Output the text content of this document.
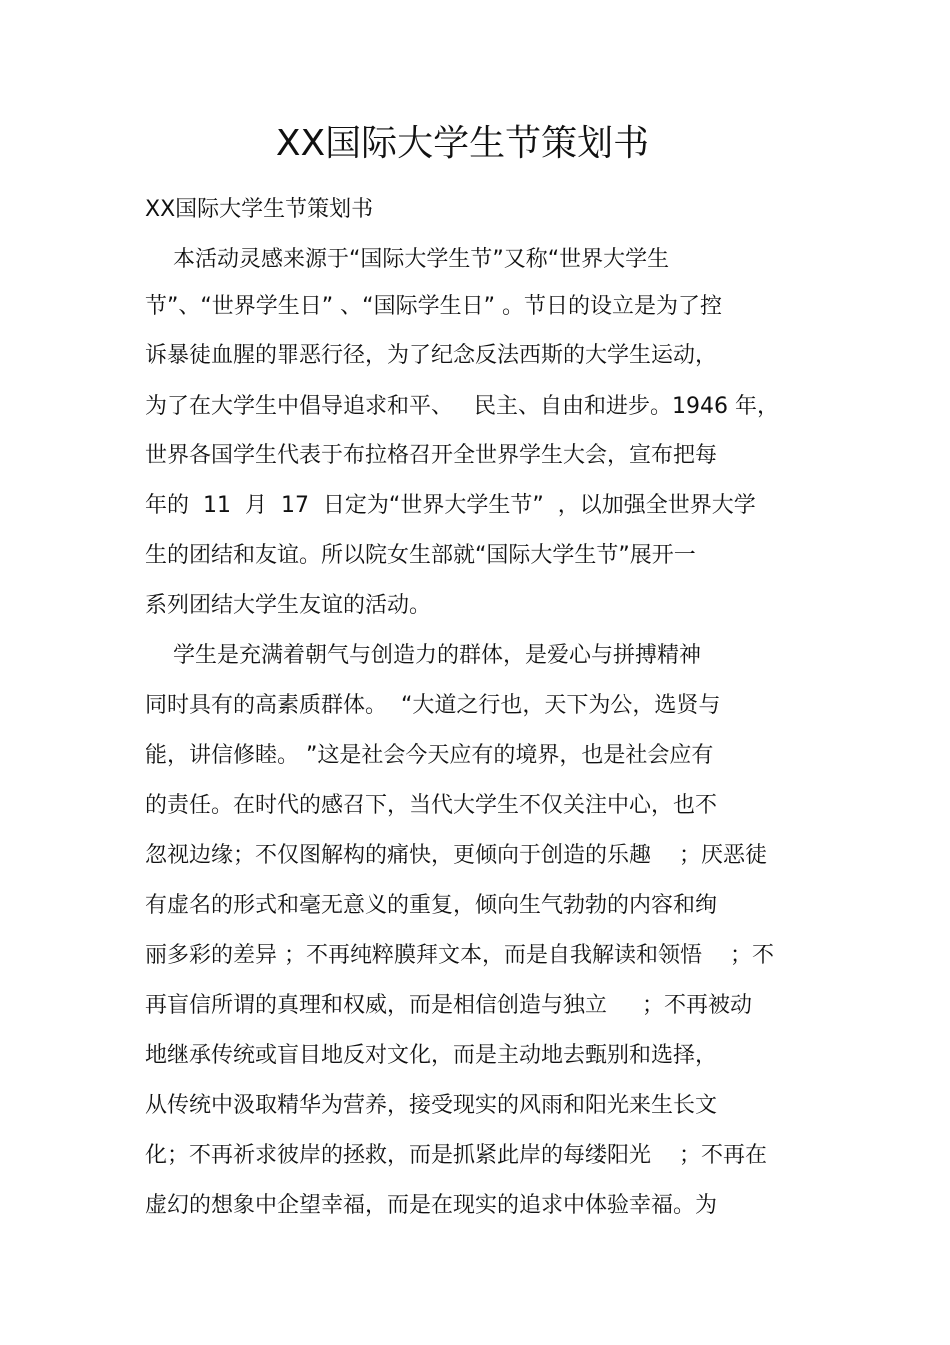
XX国际大学生节策划书

XX国际大学生节策划书

本活动灵感来源于“国际大学生节”又称“世界大学生

节”、“世界学生日” 、“国际学生日” 。节日的设立是为了控

诉暴徒血腥的罪恶行径，为了纪念反法西斯的大学生运动，

为了在大学生中倡导追求和平、   民主、自由和进步。1946 年，

世界各国学生代表于布拉格召开全世界学生大会，宣布把每

年的  11  月  17  日定为“世界大学生节”  ，以加强全世界大学

生的团结和友谊。所以院女生部就“国际大学生节”展开一

系列团结大学生友谊的活动。

学生是充满着朝气与创造力的群体，是爱心与拼搏精神

同时具有的高素质群体。  “大道之行也，天下为公，选贤与

能，讲信修睦。 ”这是社会今天应有的境界，也是社会应有

的责任。在时代的感召下，当代大学生不仅关注中心，也不

忽视边缘；不仅图解构的痛快，更倾向于创造的乐趣    ；厌恶徒

有虚名的形式和毫无意义的重复，倾向生气勃勃的内容和绚

丽多彩的差异 ；不再纯粹膜拜文本，而是自我解读和领悟    ；不

再盲信所谓的真理和权威，而是相信创造与独立     ；不再被动

地继承传统或盲目地反对文化，而是主动地去甄别和选择，

从传统中汲取精华为营养，接受现实的风雨和阳光来生长文

化；不再祈求彼岸的拯救，而是抓紧此岸的每缕阳光    ；不再在

虚幻的想象中企望幸福，而是在现实的追求中体验幸福。为
